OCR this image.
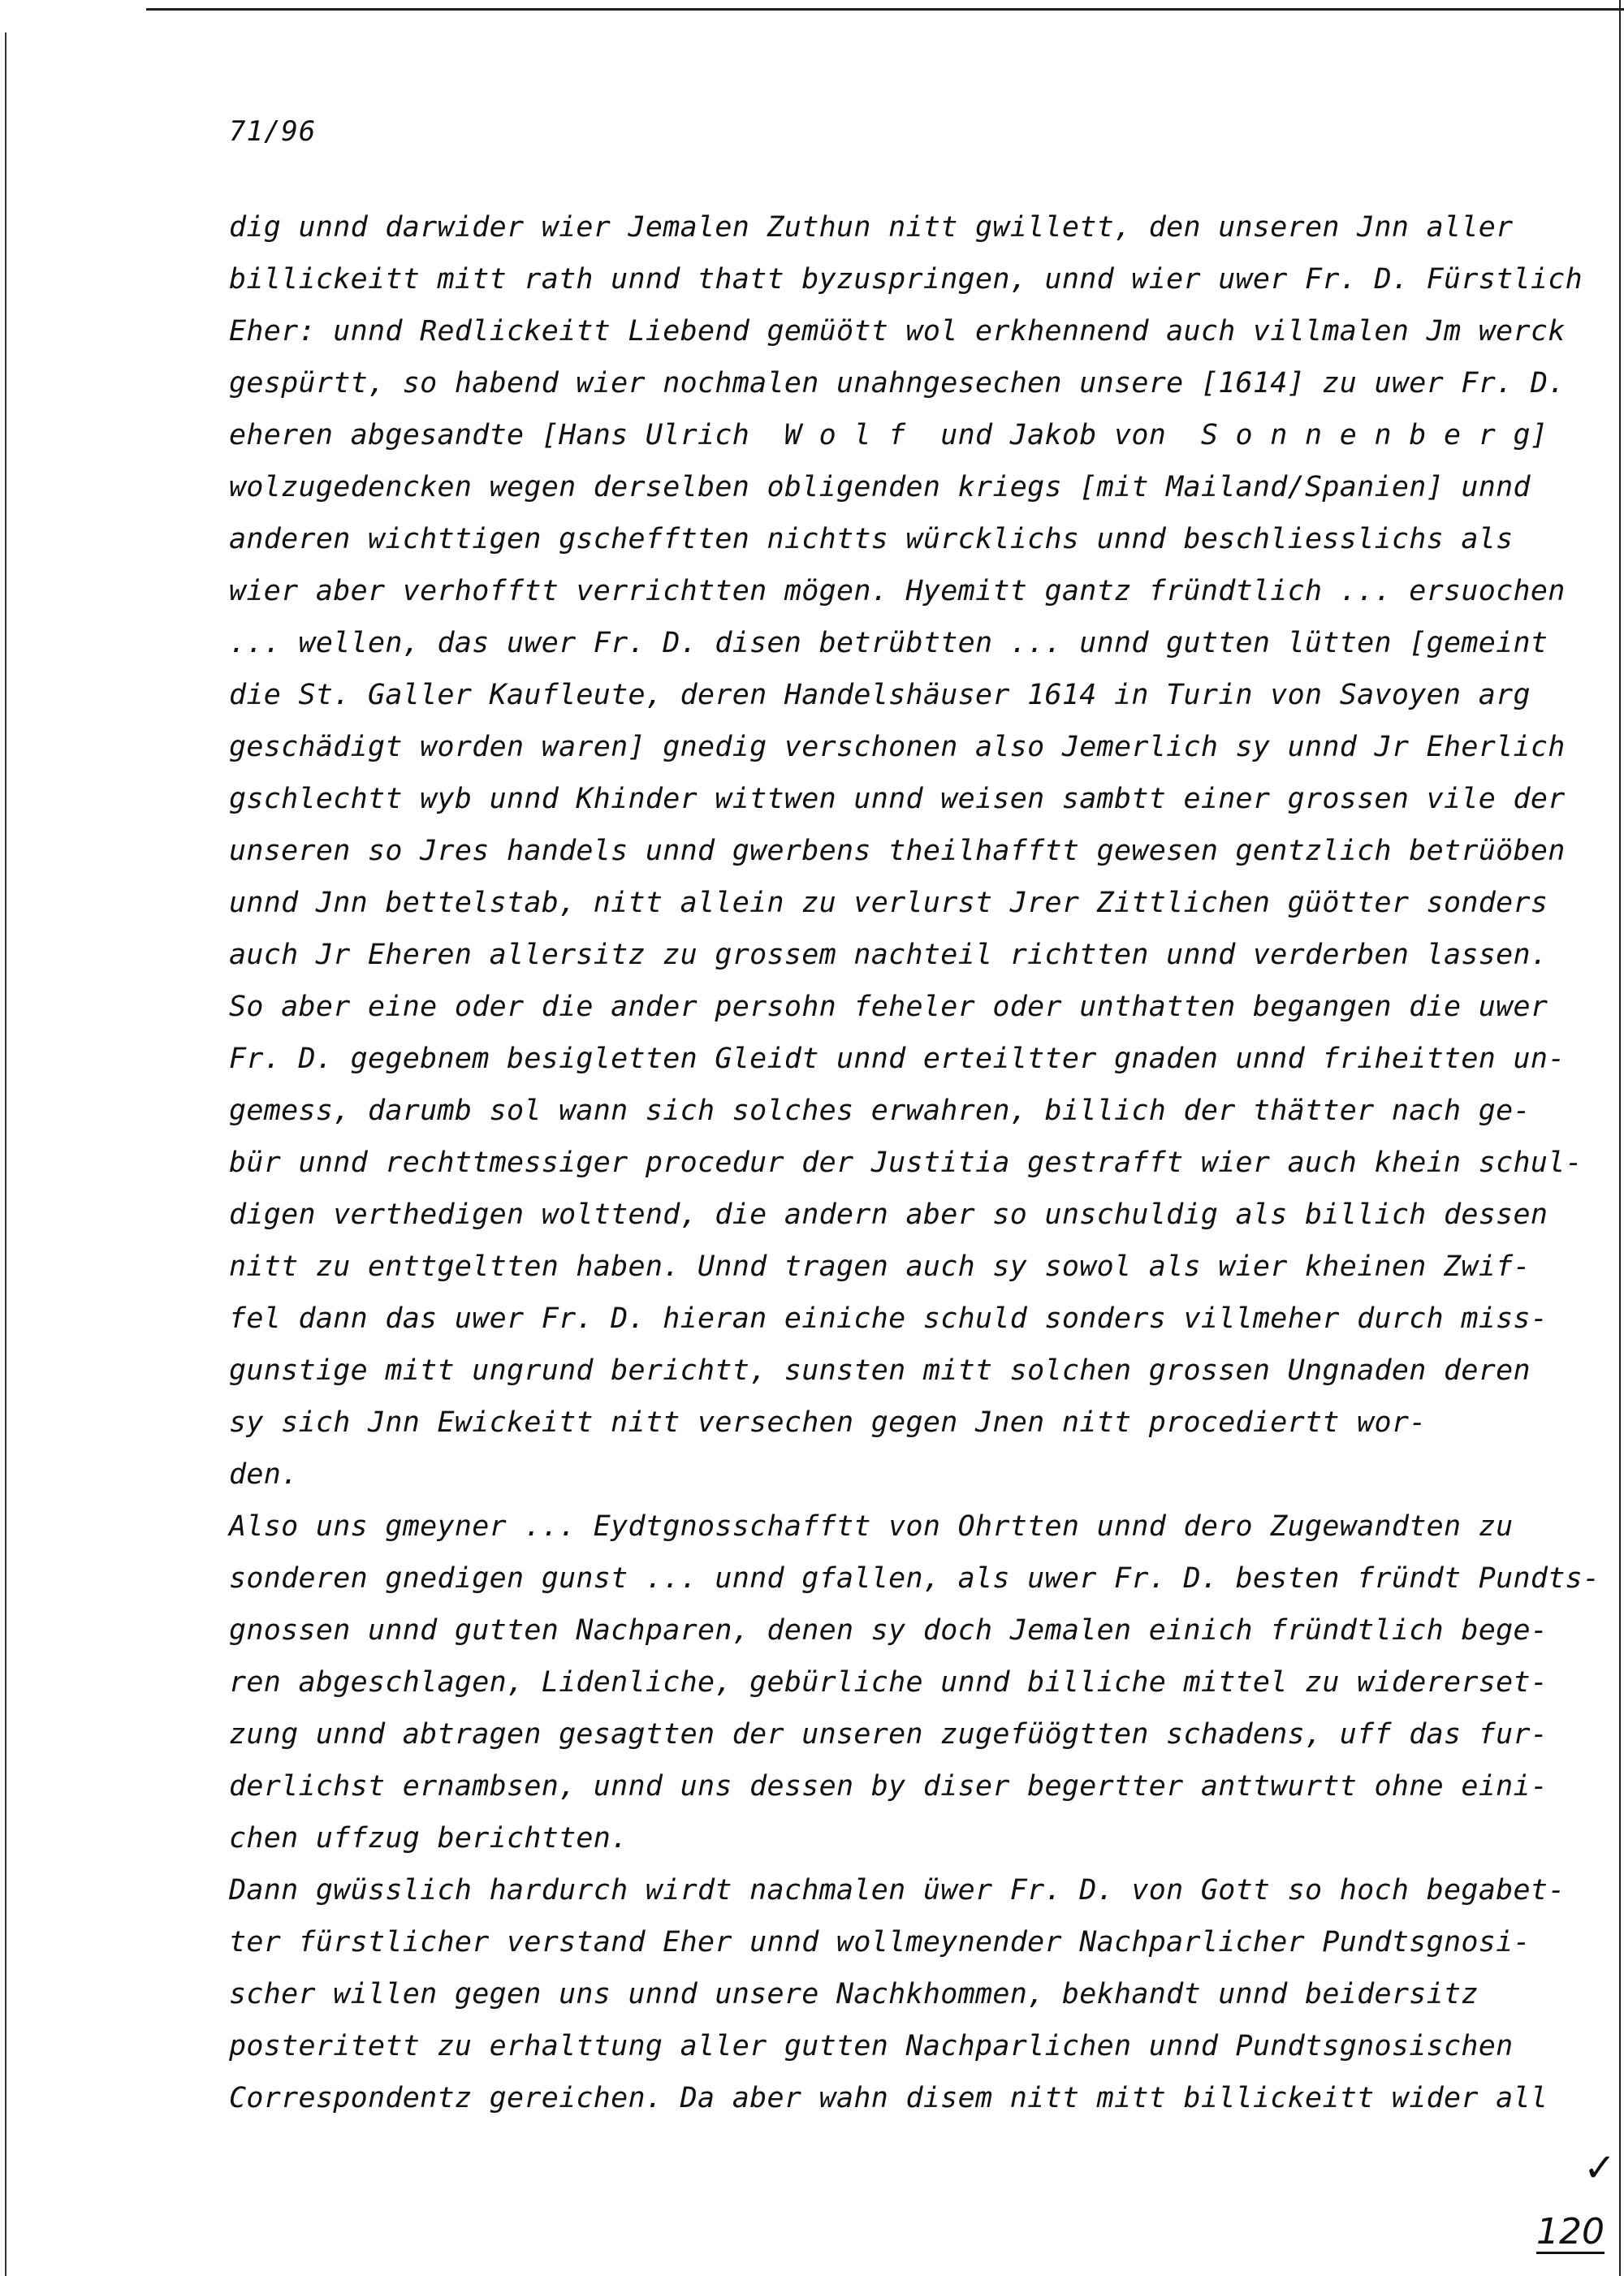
71/96
dig unnd darwider wier Jemalen Zuthun nitt gwillett, den unseren Jnn aller
billickeitt mitt rath unnd thatt byzuspringen, unnd wier uwer Fr. D. Fürstlich
Eher: unnd Redlickeitt Liebend gemüött wol erkhennend auch villmalen Jm werck
gespürtt, so habend wier nochmalen unahngesechen unsere [1614] zu uwer Fr. D.
eheren abgesandte [Hans Ulrich  W o l f  und Jakob von  S o n n e n b e r g]
wolzugedencken wegen derselben obligenden kriegs [mit Mailand/Spanien] unnd
anderen wichttigen gschefftten nichtts würcklichs unnd beschliesslichs als
wier aber verhofftt verrichtten mögen. Hyemitt gantz fründtlich ... ersuochen
... wellen, das uwer Fr. D. disen betrübtten ... unnd gutten lütten [gemeint
die St. Galler Kaufleute, deren Handelshäuser 1614 in Turin von Savoyen arg
geschädigt worden waren] gnedig verschonen also Jemerlich sy unnd Jr Eherlich
gschlechtt wyb unnd Khinder wittwen unnd weisen sambtt einer grossen vile der
unseren so Jres handels unnd gwerbens theilhafftt gewesen gentzlich betrüöben
unnd Jnn bettelstab, nitt allein zu verlurst Jrer Zittlichen güötter sonders
auch Jr Eheren allersitz zu grossem nachteil richtten unnd verderben lassen.
So aber eine oder die ander persohn feheler oder unthatten begangen die uwer
Fr. D. gegebnem besigletten Gleidt unnd erteiltter gnaden unnd friheitten un-
gemess, darumb sol wann sich solches erwahren, billich der thätter nach ge-
bür unnd rechttmessiger procedur der Justitia gestrafft wier auch khein schul-
digen verthedigen wolttend, die andern aber so unschuldig als billich dessen
nitt zu enttgeltten haben. Unnd tragen auch sy sowol als wier kheinen Zwif-
fel dann das uwer Fr. D. hieran einiche schuld sonders villmeher durch miss-
gunstige mitt ungrund berichtt, sunsten mitt solchen grossen Ungnaden deren
sy sich Jnn Ewickeitt nitt versechen gegen Jnen nitt procediertt wor-
den.
Also uns gmeyner ... Eydtgnosschafftt von Ohrtten unnd dero Zugewandten zu
sonderen gnedigen gunst ... unnd gfallen, als uwer Fr. D. besten fründt Pundts-
gnossen unnd gutten Nachparen, denen sy doch Jemalen einich fründtlich bege-
ren abgeschlagen, Lidenliche, gebürliche unnd billiche mittel zu widererset-
zung unnd abtragen gesagtten der unseren zugefüögtten schadens, uff das fur-
derlichst ernambsen, unnd uns dessen by diser begertter anttwurtt ohne eini-
chen uffzug berichtten.
Dann gwüsslich hardurch wirdt nachmalen üwer Fr. D. von Gott so hoch begabet-
ter fürstlicher verstand Eher unnd wollmeynender Nachparlicher Pundtsgnosi-
scher willen gegen uns unnd unsere Nachkhommen, bekhandt unnd beidersitz
posteritett zu erhalttung aller gutten Nachparlichen unnd Pundtsgnosischen
Correspondentz gereichen. Da aber wahn disem nitt mitt billickeitt wider all
✓
120
